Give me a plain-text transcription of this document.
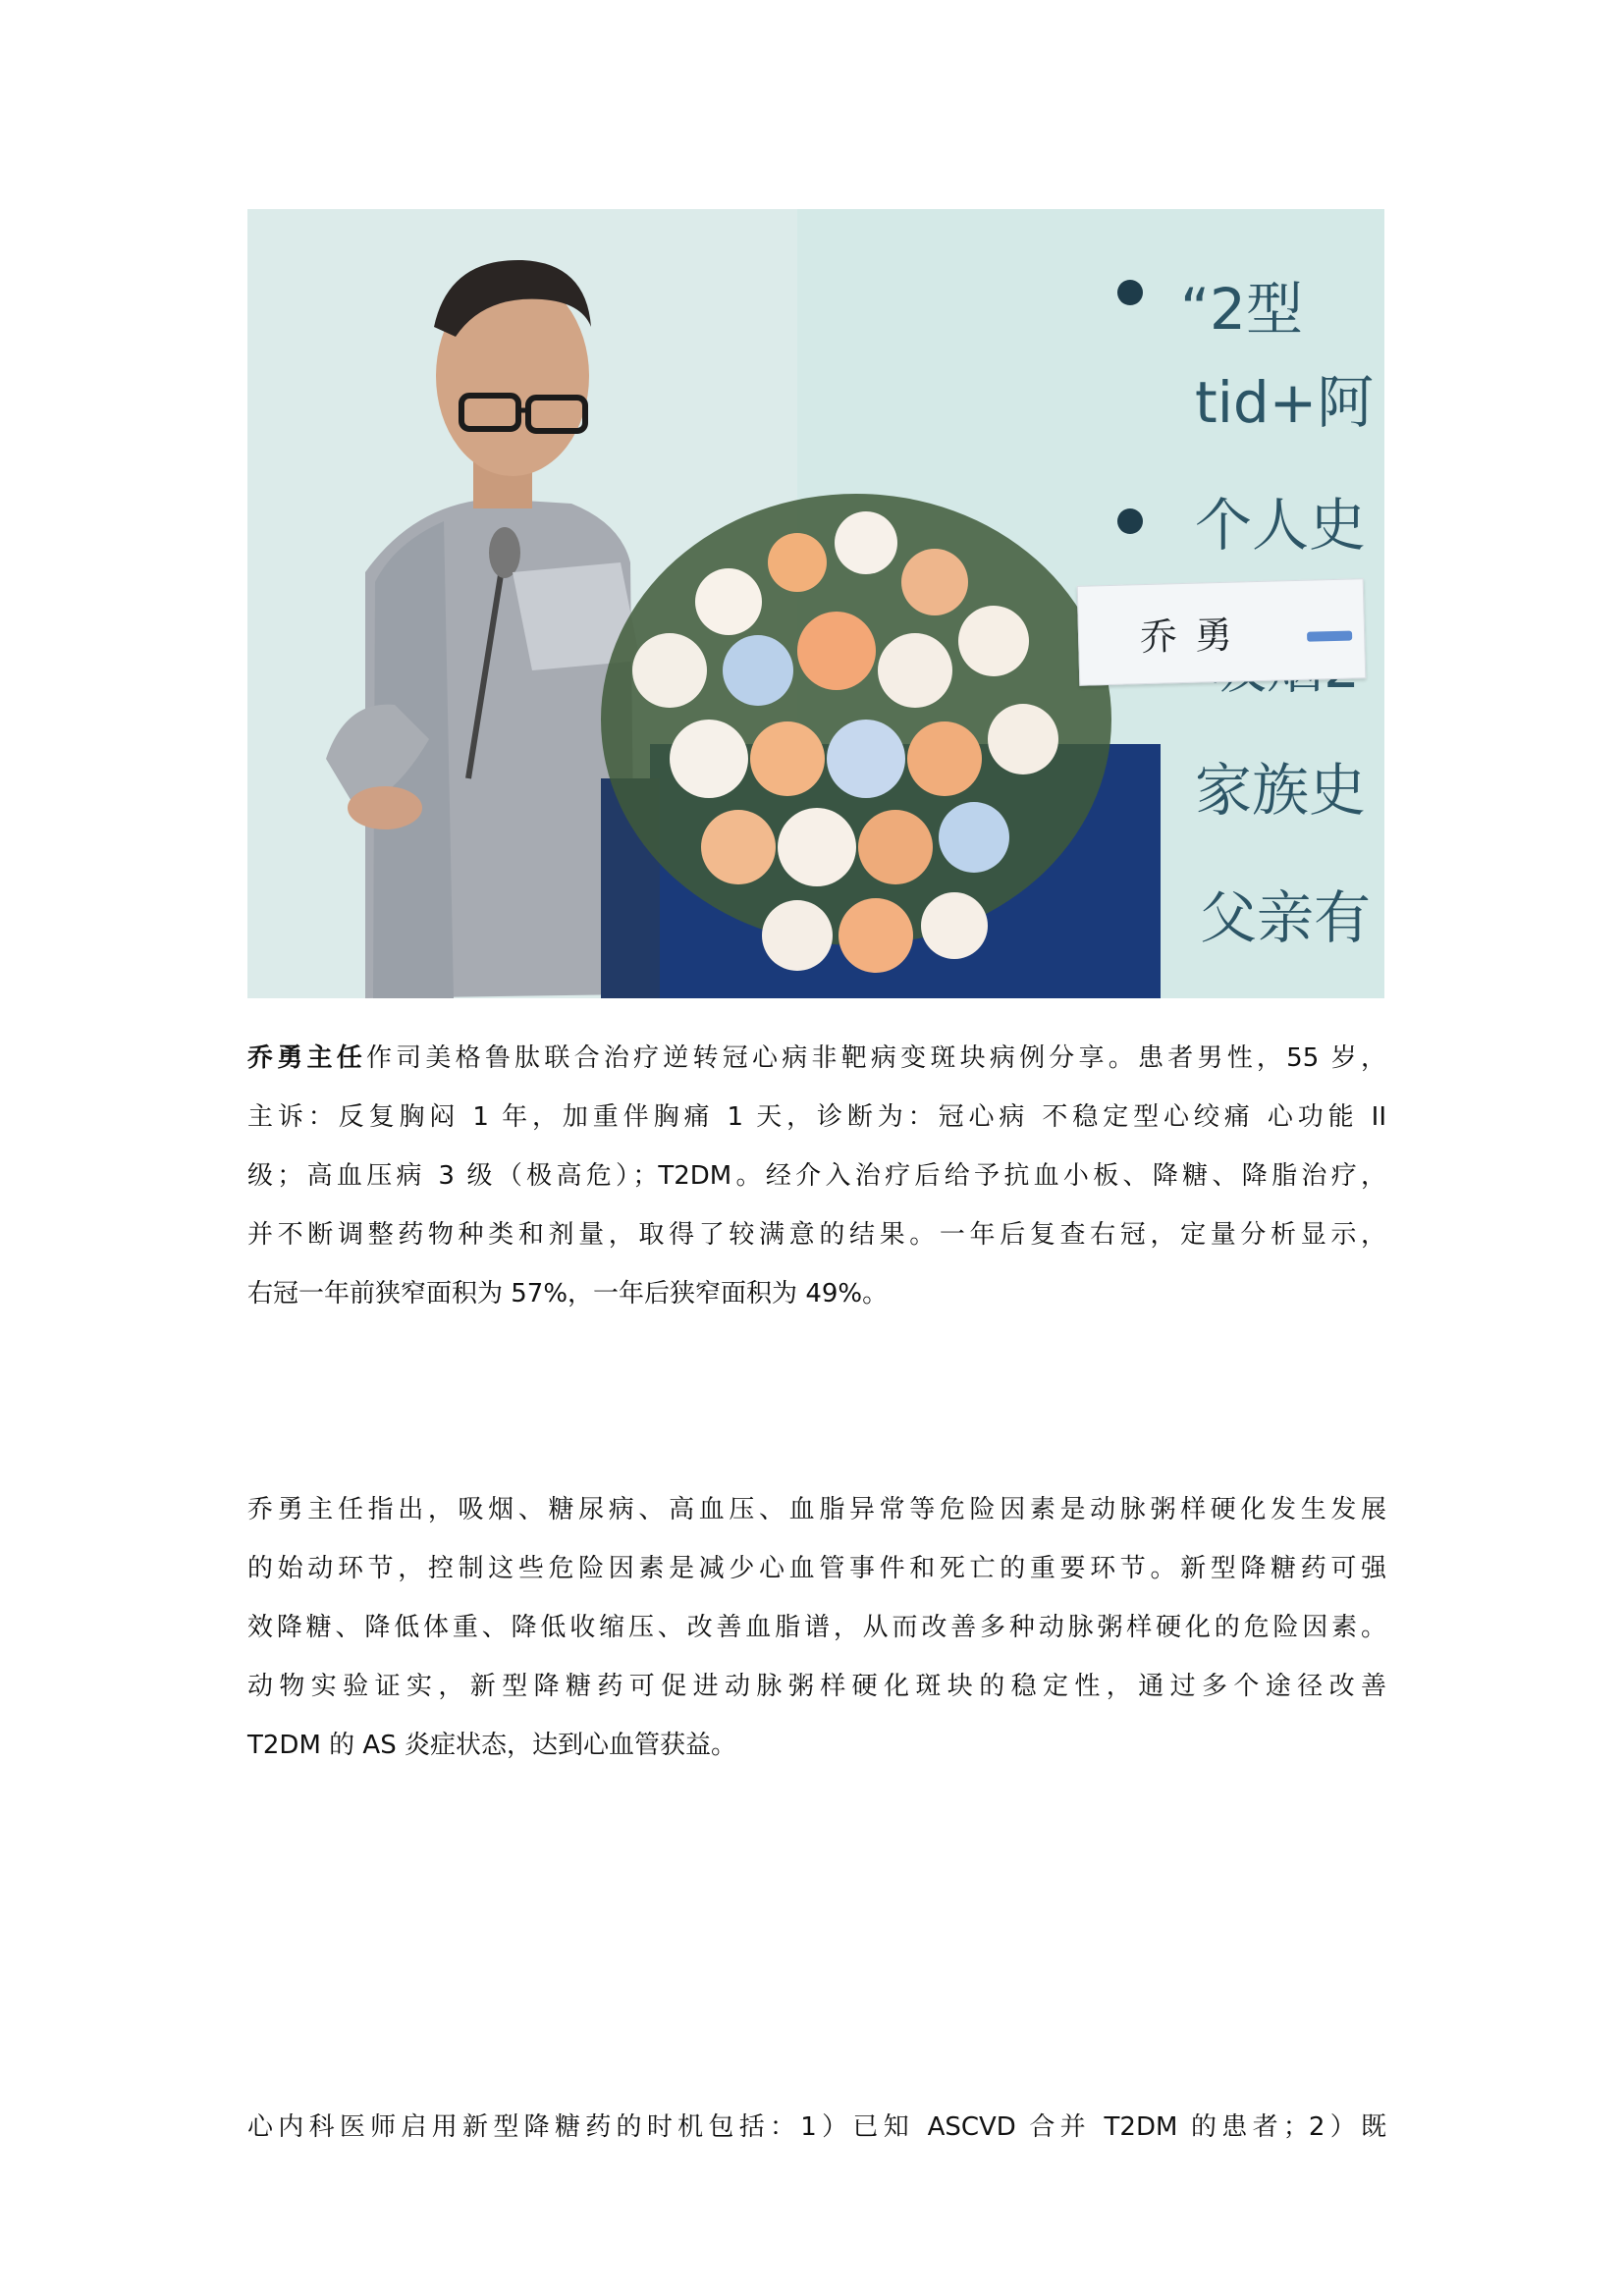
“2型
tid+阿
个人史
家族史
父亲有
乔勇
乔勇主任作司美格鲁肽联合治疗逆转冠心病非靶病变斑块病例分享。患者男性，55 岁，
主诉：反复胸闷 1 年，加重伴胸痛 1 天，诊断为：冠心病 不稳定型心绞痛 心功能 II
级；高血压病 3 级（极高危）；T2DM。经介入治疗后给予抗血小板、降糖、降脂治疗，
并不断调整药物种类和剂量，取得了较满意的结果。一年后复查右冠，定量分析显示，
右冠一年前狭窄面积为 57%，一年后狭窄面积为 49%。
乔勇主任指出，吸烟、糖尿病、高血压、血脂异常等危险因素是动脉粥样硬化发生发展
的始动环节，控制这些危险因素是减少心血管事件和死亡的重要环节。新型降糖药可强
效降糖、降低体重、降低收缩压、改善血脂谱，从而改善多种动脉粥样硬化的危险因素。
动物实验证实，新型降糖药可促进动脉粥样硬化斑块的稳定性，通过多个途径改善
T2DM 的 AS 炎症状态，达到心血管获益。
心内科医师启用新型降糖药的时机包括：1）已知 ASCVD 合并 T2DM 的患者；2）既
